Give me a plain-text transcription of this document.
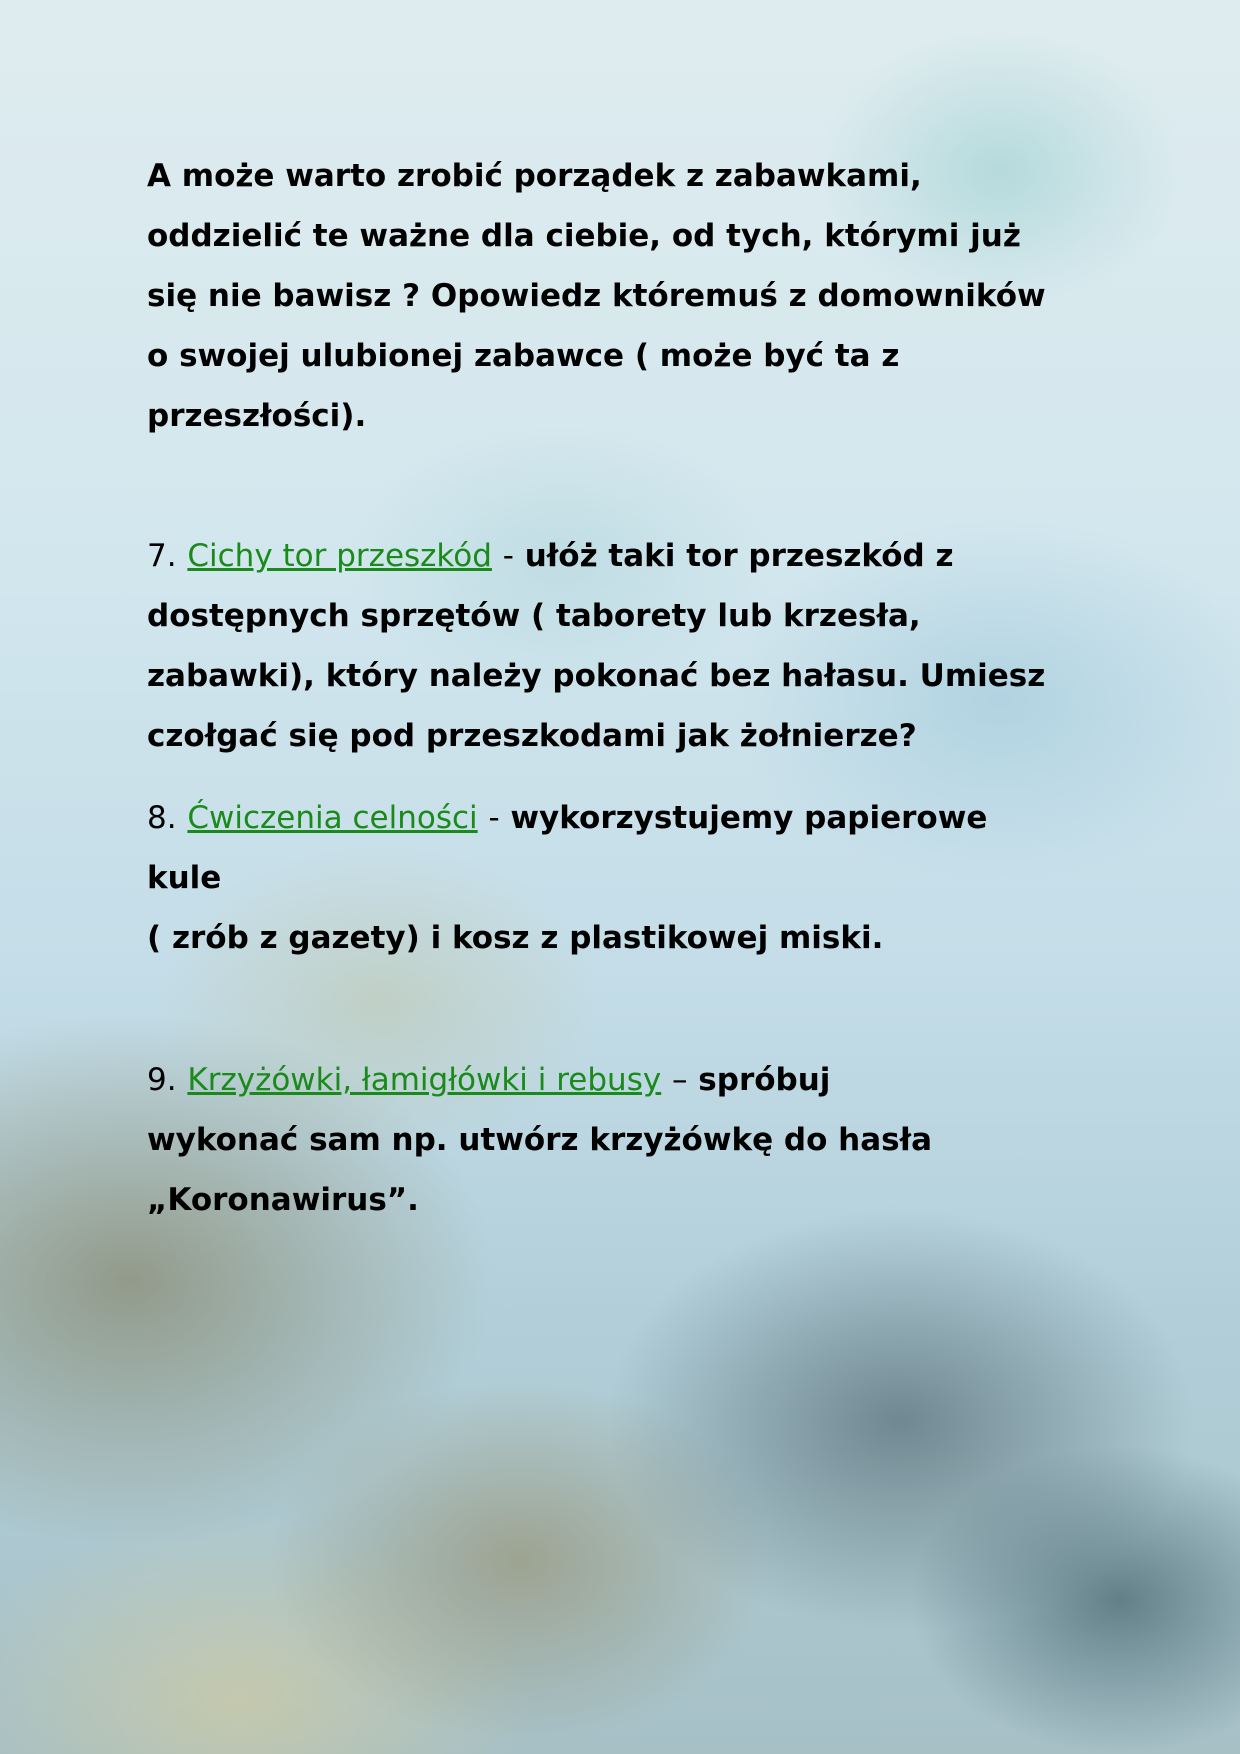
A może warto zrobić porządek z zabawkami,
oddzielić te ważne dla ciebie, od tych, którymi już
się nie bawisz ? Opowiedz któremuś z domowników
o swojej ulubionej zabawce ( może być ta z
przeszłości).
7. Cichy tor przeszkód - ułóż taki tor przeszkód z
dostępnych sprzętów ( taborety lub krzesła,
zabawki), który należy pokonać bez hałasu. Umiesz
czołgać się pod przeszkodami jak żołnierze?
8. Ćwiczenia celności - wykorzystujemy papierowe
kule
( zrób z gazety) i kosz z plastikowej miski.
9. Krzyżówki, łamigłówki i rebusy – spróbuj
wykonać sam np. utwórz krzyżówkę do hasła
„Koronawirus”.
